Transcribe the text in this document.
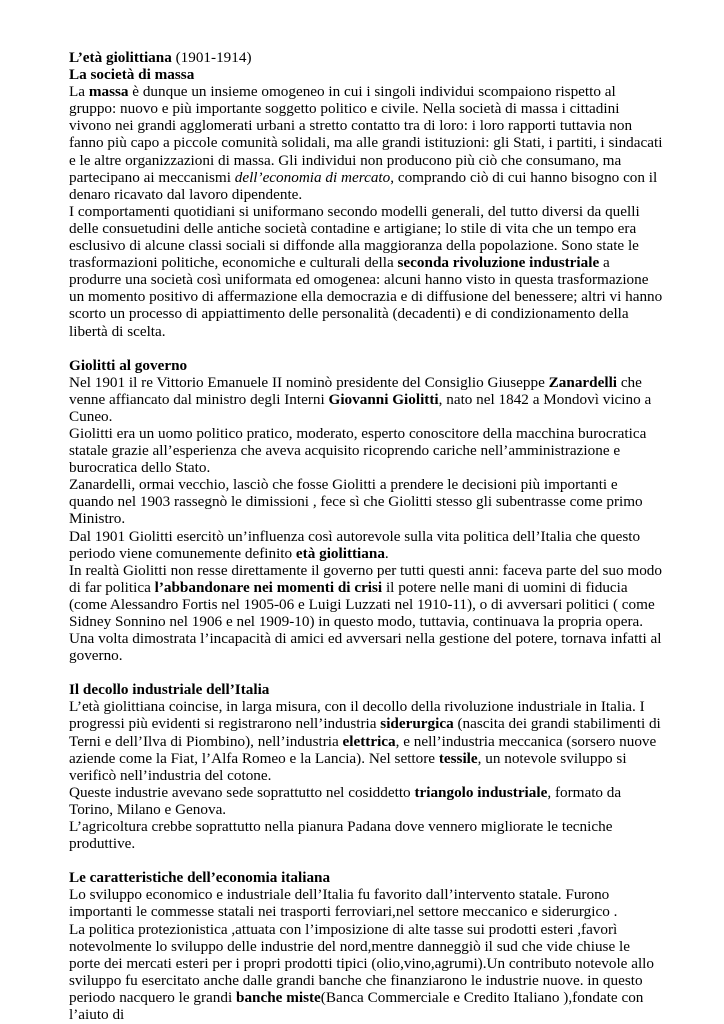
L’età giolittiana (1901-1914)
La società di massa
La massa è dunque un insieme omogeneo in cui i singoli individui scompaiono rispetto al gruppo: nuovo e più importante soggetto politico e civile. Nella società di massa i cittadini vivono nei grandi agglomerati urbani a stretto contatto tra di loro: i loro rapporti tuttavia non fanno più capo a piccole comunità solidali, ma alle grandi istituzioni: gli Stati, i partiti, i sindacati e le altre organizzazioni di massa. Gli individui non producono più ciò che consumano, ma partecipano ai meccanismi dell’economia di mercato, comprando ciò di cui hanno bisogno con il denaro ricavato dal lavoro dipendente.
I comportamenti quotidiani si uniformano secondo modelli generali, del tutto diversi da quelli delle consuetudini delle antiche società contadine e artigiane; lo stile di vita che un tempo era esclusivo di alcune classi sociali si diffonde alla maggioranza della popolazione. Sono state le trasformazioni politiche, economiche e culturali della seconda rivoluzione industriale a produrre una società così uniformata ed omogenea: alcuni hanno visto in questa trasformazione un momento positivo di affermazione ella democrazia e di diffusione del benessere; altri vi hanno scorto un processo di appiattimento delle personalità (decadenti) e di condizionamento della libertà di scelta.
Giolitti al governo
Nel 1901 il re Vittorio Emanuele II nominò presidente del Consiglio Giuseppe Zanardelli che venne affiancato dal ministro degli Interni Giovanni Giolitti, nato nel 1842 a Mondovì vicino a Cuneo.
Giolitti era un uomo politico pratico, moderato, esperto conoscitore della macchina burocratica statale grazie all’esperienza che aveva acquisito ricoprendo cariche nell’amministrazione e burocratica dello Stato.
Zanardelli, ormai vecchio, lasciò che fosse Giolitti a prendere le decisioni più importanti e quando nel 1903 rassegnò le dimissioni , fece sì che Giolitti stesso gli subentrasse come primo Ministro.
Dal 1901 Giolitti esercitò un’influenza così autorevole sulla vita politica dell’Italia che questo periodo viene comunemente definito età giolittiana.
In realtà Giolitti non resse direttamente il governo per tutti questi anni: faceva parte del suo modo di far politica l’abbandonare nei momenti di crisi il potere nelle mani di uomini di fiducia (come Alessandro Fortis nel 1905-06 e Luigi Luzzati nel 1910-11), o di avversari politici ( come Sidney Sonnino nel 1906 e nel 1909-10) in questo modo, tuttavia, continuava la propria opera. Una volta dimostrata l’incapacità di amici ed avversari nella gestione del potere, tornava infatti al governo.
Il decollo industriale dell’Italia
L’età giolittiana coincise, in larga misura, con il decollo della rivoluzione industriale in Italia. I progressi più evidenti si registrarono nell’industria siderurgica (nascita dei grandi stabilimenti di Terni e dell’Ilva di Piombino), nell’industria elettrica, e nell’industria meccanica (sorsero nuove aziende come la Fiat, l’Alfa Romeo e la Lancia). Nel settore tessile, un notevole sviluppo si verificò nell’industria del cotone.
Queste industrie avevano sede soprattutto nel cosiddetto triangolo industriale, formato da Torino, Milano e Genova.
L’agricoltura crebbe soprattutto nella pianura Padana dove vennero migliorate le tecniche produttive.
Le caratteristiche dell’economia italiana
Lo sviluppo economico e industriale dell’Italia fu favorito dall’intervento statale. Furono importanti le commesse statali nei trasporti ferroviari,nel settore meccanico e siderurgico .
La politica protezionistica ,attuata con l’imposizione di alte tasse sui prodotti esteri ,favorì notevolmente lo sviluppo delle industrie del nord,mentre danneggiò il sud che vide chiuse le porte dei mercati esteri per i propri prodotti tipici (olio,vino,agrumi).Un contributo notevole allo sviluppo fu esercitato anche dalle grandi banche che finanziarono le industrie nuove. in questo periodo nacquero le grandi banche miste(Banca Commerciale e Credito Italiano ),fondate con l’aiuto di
